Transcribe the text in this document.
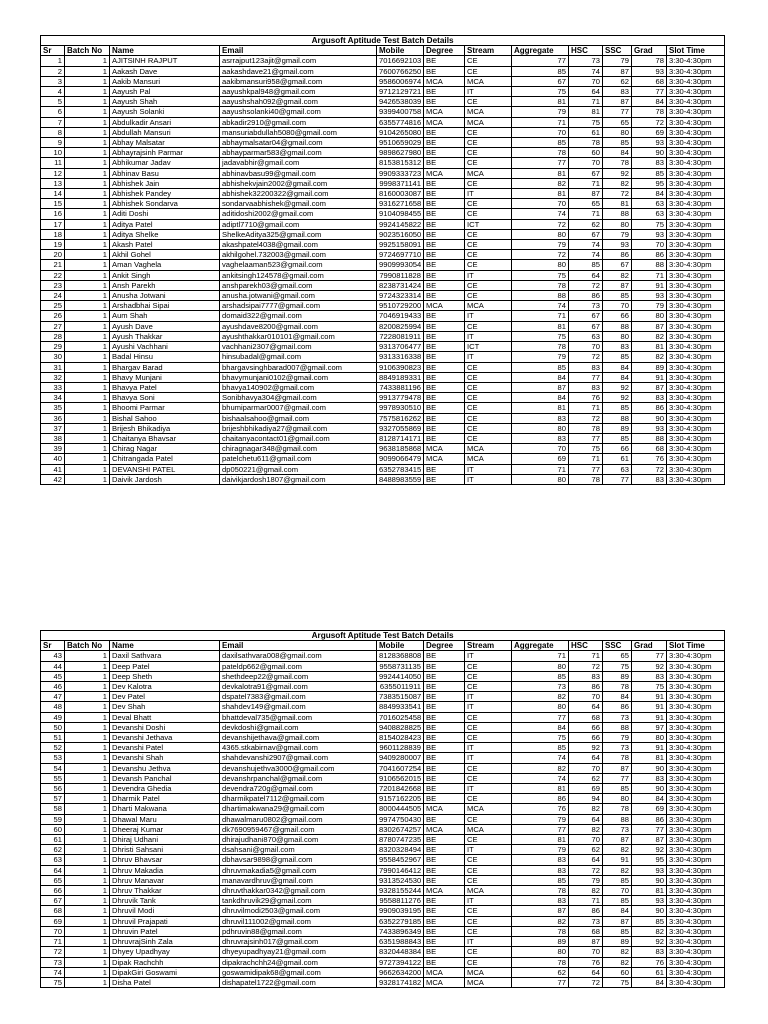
Argusoft Aptitude Test Batch Details											
Sr	Batch No	Name	Email	Mobile	Degree	Stream	Aggregate	HSC	SSC	Grad	Slot Time
1	1	AJITSINH RAJPUT	asrrajput123ajit@gmail.com	7016692103	BE	CE	77	73	79	78	3:30-4:30pm
2	1	Aakash Dave	aakashdave21@gmail.com	7600766250	BE	CE	85	74	87	93	3:30-4:30pm
3	1	Aakib Mansuri	aakibmansuri958@gmail.com	9586006974	MCA	MCA	67	70	62	68	3:30-4:30pm
4	1	Aayush Pal	aayushkpal948@gmail.com	9712129721	BE	IT	75	64	83	77	3:30-4:30pm
5	1	Aayush Shah	aayushshah092@gmail.com	9426538039	BE	CE	81	71	87	84	3:30-4:30pm
6	1	Aayush Solanki	aayushsolanki40@gmail.com	9399400758	MCA	MCA	79	81	77	78	3:30-4:30pm
7	1	Abdulkadir Ansari	abkadir2910@gmail.com	6355774816	MCA	MCA	71	75	65	72	3:30-4:30pm
8	1	Abdullah Mansuri	mansuriabdullah5080@gmail.com	9104265080	BE	CE	70	61	80	69	3:30-4:30pm
9	1	Abhay Malsatar	abhaymalsatar04@gmail.com	9510659029	BE	CE	85	78	85	93	3:30-4:30pm
10	1	Abhayrajsinh Parmar	abhayparmar583@gmail.com	9898627980	BE	CE	78	60	84	90	3:30-4:30pm
11	1	Abhikumar Jadav	jadavabhir@gmail.com	8153815312	BE	CE	77	70	78	83	3:30-4:30pm
12	1	Abhinav Basu	abhinavbasu99@gmail.com	9909333723	MCA	MCA	81	67	92	85	3:30-4:30pm
13	1	Abhishek Jain	abhishekvjain2002@gmail.com	9998371141	BE	CE	82	71	82	95	3:30-4:30pm
14	1	Abhishek Pandey	abhishek32200322@gmail.com	8160003087	BE	IT	81	87	72	84	3:30-4:30pm
15	1	Abhishek Sondarva	sondarvaabhishek@gmail.com	9316271658	BE	CE	70	65	81	63	3:30-4:30pm
16	1	Aditi Doshi	aditidoshi2002@gmail.com	9104098455	BE	CE	74	71	88	63	3:30-4:30pm
17	1	Aditya Patel	adiptl7710@gmail.com	9924145822	BE	ICT	72	62	80	75	3:30-4:30pm
18	1	Aditya Shelke	ShelkeAditya325@gmail.com	9023516050	BE	CE	80	67	79	93	3:30-4:30pm
19	1	Akash Patel	akashpatel4038@gmail.com	9925158091	BE	CE	79	74	93	70	3:30-4:30pm
20	1	Akhil Gohel	akhilgohel.732003@gmail.com	9724697710	BE	CE	72	74	86	86	3:30-4:30pm
21	1	Aman Vaghela	vaghelaaman523@gmail.com	9909993054	BE	CE	80	85	67	88	3:30-4:30pm
22	1	Ankit Singh	ankitsingh124578@gmail.com	7990811828	BE	IT	75	64	82	71	3:30-4:30pm
23	1	Ansh Parekh	anshparekh03@gmail.com	8238731424	BE	CE	78	72	87	91	3:30-4:30pm
24	1	Anusha Jotwani	anusha.jotwani@gmail.com	9724323314	BE	CE	88	86	85	93	3:30-4:30pm
25	1	Arshadbhai Sipai	arshadsipai7777@gmail.com	9510729200	MCA	MCA	74	73	70	79	3:30-4:30pm
26	1	Aum Shah	domaid322@gmail.com	7046919433	BE	IT	71	67	66	80	3:30-4:30pm
27	1	Ayush Dave	ayushdave8200@gmail.com	8200825994	BE	CE	81	67	88	87	3:30-4:30pm
28	1	Ayush Thakkar	ayushthakkar010101@gmail.com	7228081911	BE	IT	75	63	80	82	3:30-4:30pm
29	1	Ayushi Vachhani	vachhani2307@gmail.com	9313706477	BE	ICT	78	70	83	81	3:30-4:30pm
30	1	Badal Hinsu	hinsubadal@gmail.com	9313316338	BE	IT	79	72	85	82	3:30-4:30pm
31	1	Bhargav Barad	bhargavsinghbarad007@gmail.com	9106390823	BE	CE	85	83	84	89	3:30-4:30pm
32	1	Bhavy Munjani	bhavymunjani0102@gmail.com	8849189331	BE	CE	84	77	84	91	3:30-4:30pm
33	1	Bhavya Patel	bhavya140902@gmail.com	7433881196	BE	CE	87	83	92	87	3:30-4:30pm
34	1	Bhavya Soni	Sonibhavya304@gmail.com	9913779478	BE	CE	84	76	92	83	3:30-4:30pm
35	1	Bhoomi Parmar	bhumiparmar0007@gmail.com	9978930510	BE	CE	81	71	85	86	3:30-4:30pm
36	1	Bishal Sahoo	bishaalsahoo@gmail.com	7575816262	BE	CE	83	72	88	90	3:30-4:30pm
37	1	Brijesh Bhikadiya	brijeshbhikadiya27@gmail.com	9327055869	BE	CE	80	78	89	93	3:30-4:30pm
38	1	Chaitanya Bhavsar	chaitanyacontact01@gmail.com	8128714171	BE	CE	83	77	85	88	3:30-4:30pm
39	1	Chirag Nagar	chiragnagar348@gmail.com	9638185868	MCA	MCA	70	75	66	68	3:30-4:30pm
40	1	Chitrangada Patel	patelchetu611@gmail.com	9099066479	MCA	MCA	69	71	61	76	3:30-4:30pm
41	1	DEVANSHI PATEL	dp050221@gmail.com	6352783415	BE	IT	71	77	63	72	3:30-4:30pm
42	1	Daivik Jardosh	daivikjardosh1807@gmail.com	8488983559	BE	IT	80	78	77	83	3:30-4:30pm
Argusoft Aptitude Test Batch Details											
Sr	Batch No	Name	Email	Mobile	Degree	Stream	Aggregate	HSC	SSC	Grad	Slot Time
43	1	Daxil Sathvara	daxilsathvara008@gmail.com	8128368808	BE	IT	71	71	65	77	3:30-4:30pm
44	1	Deep Patel	pateldp662@gmail.com	9558731135	BE	CE	80	72	75	92	3:30-4:30pm
45	1	Deep Sheth	shethdeep22@gmail.com	9924414050	BE	CE	85	83	89	83	3:30-4:30pm
46	1	Dev Kalotra	devkalotra91@gmail.com	6355011911	BE	CE	73	86	78	75	3:30-4:30pm
47	1	Dev Patel	dspatel7383@gmail.com	7383515087	BE	IT	82	70	84	91	3:30-4:30pm
48	1	Dev Shah	shahdev149@gmail.com	8849933541	BE	IT	80	64	86	91	3:30-4:30pm
49	1	Deval Bhatt	bhattdeval735@gmail.com	7016025458	BE	CE	77	68	73	91	3:30-4:30pm
50	1	Devanshi Doshi	devkdoshi@gmail.com	9408828825	BE	CE	84	66	88	97	3:30-4:30pm
51	1	Devanshi Jethava	devanshijethava@gmail.com	8154028423	BE	CE	75	66	79	80	3:30-4:30pm
52	1	Devanshi Patel	4365.stkabirnav@gmail.com	9601128839	BE	IT	85	92	73	91	3:30-4:30pm
53	1	Devanshi Shah	shahdevanshi2907@gmail.com	9409280007	BE	IT	74	64	78	81	3:30-4:30pm
54	1	Devanshu Jethva	devanshujethva3000@gmail.com	7041607254	BE	CE	82	70	87	90	3:30-4:30pm
55	1	Devansh Panchal	devanshrpanchal@gmail.com	9106562015	BE	CE	74	62	77	83	3:30-4:30pm
56	1	Devendra Ghedia	devendra720g@gmail.com	7201842668	BE	IT	81	69	85	90	3:30-4:30pm
57	1	Dharmik Patel	dharmikpatel7112@gmail.com	9157162205	BE	CE	86	94	80	84	3:30-4:30pm
58	1	Dharti Makwana	dhartimakwana29@gmail.com	8000444505	MCA	MCA	76	82	78	69	3:30-4:30pm
59	1	Dhawal Maru	dhawalmaru0802@gmail.com	9974750430	BE	CE	79	64	88	86	3:30-4:30pm
60	1	Dheeraj Kumar	dk7690959467@gmail.com	8302674257	MCA	MCA	77	82	73	77	3:30-4:30pm
61	1	Dhiraj Udhani	dhirajudhani870@gmail.com	8780747235	BE	CE	81	70	87	87	3:30-4:30pm
62	1	Dhristi Sahsani	dsahsani@gmail.com	8320328494	BE	IT	79	62	82	92	3:30-4:30pm
63	1	Dhruv Bhavsar	dbhavsar9898@gmail.com	9558452967	BE	CE	83	64	91	95	3:30-4:30pm
64	1	Dhruv Makadia	dhruvmakadia5@gmail.com	7990146412	BE	CE	83	72	82	93	3:30-4:30pm
65	1	Dhruv Manavar	manavardhruv@gmail.com	9313524530	BE	CE	85	79	85	90	3:30-4:30pm
66	1	Dhruv Thakkar	dhruvthakkar0342@gmail.com	9328155244	MCA	MCA	78	82	70	81	3:30-4:30pm
67	1	Dhruvik Tank	tankdhruvik29@gmail.com	9558811276	BE	IT	83	71	85	93	3:30-4:30pm
68	1	Dhruvil Modi	dhruvilmodi2503@gmail.com	9909039195	BE	CE	87	86	84	90	3:30-4:30pm
69	1	Dhruvil Prajapati	dhruvil111002@gmail.com	6352279185	BE	CE	82	73	87	85	3:30-4:30pm
70	1	Dhruvin Patel	pdhruvin88@gmail.com	7433896349	BE	CE	78	68	85	82	3:30-4:30pm
71	1	DhruvrajSinh Zala	dhruvrajsinh017@gmail.com	6351988843	BE	IT	89	87	89	92	3:30-4:30pm
72	1	Dhyey Upadhyay	dhyeyupadhyay21@gmail.com	8320448384	BE	CE	80	70	82	83	3:30-4:30pm
73	1	Dipak Rachchh	dipakrachchh24@gmail.com	9727394122	BE	CE	78	76	82	76	3:30-4:30pm
74	1	DipakGiri Goswami	goswamidipak68@gmail.com	9662634200	MCA	MCA	62	64	60	61	3:30-4:30pm
75	1	Disha Patel	dishapatel1722@gmail.com	9328174182	MCA	MCA	77	72	75	84	3:30-4:30pm
